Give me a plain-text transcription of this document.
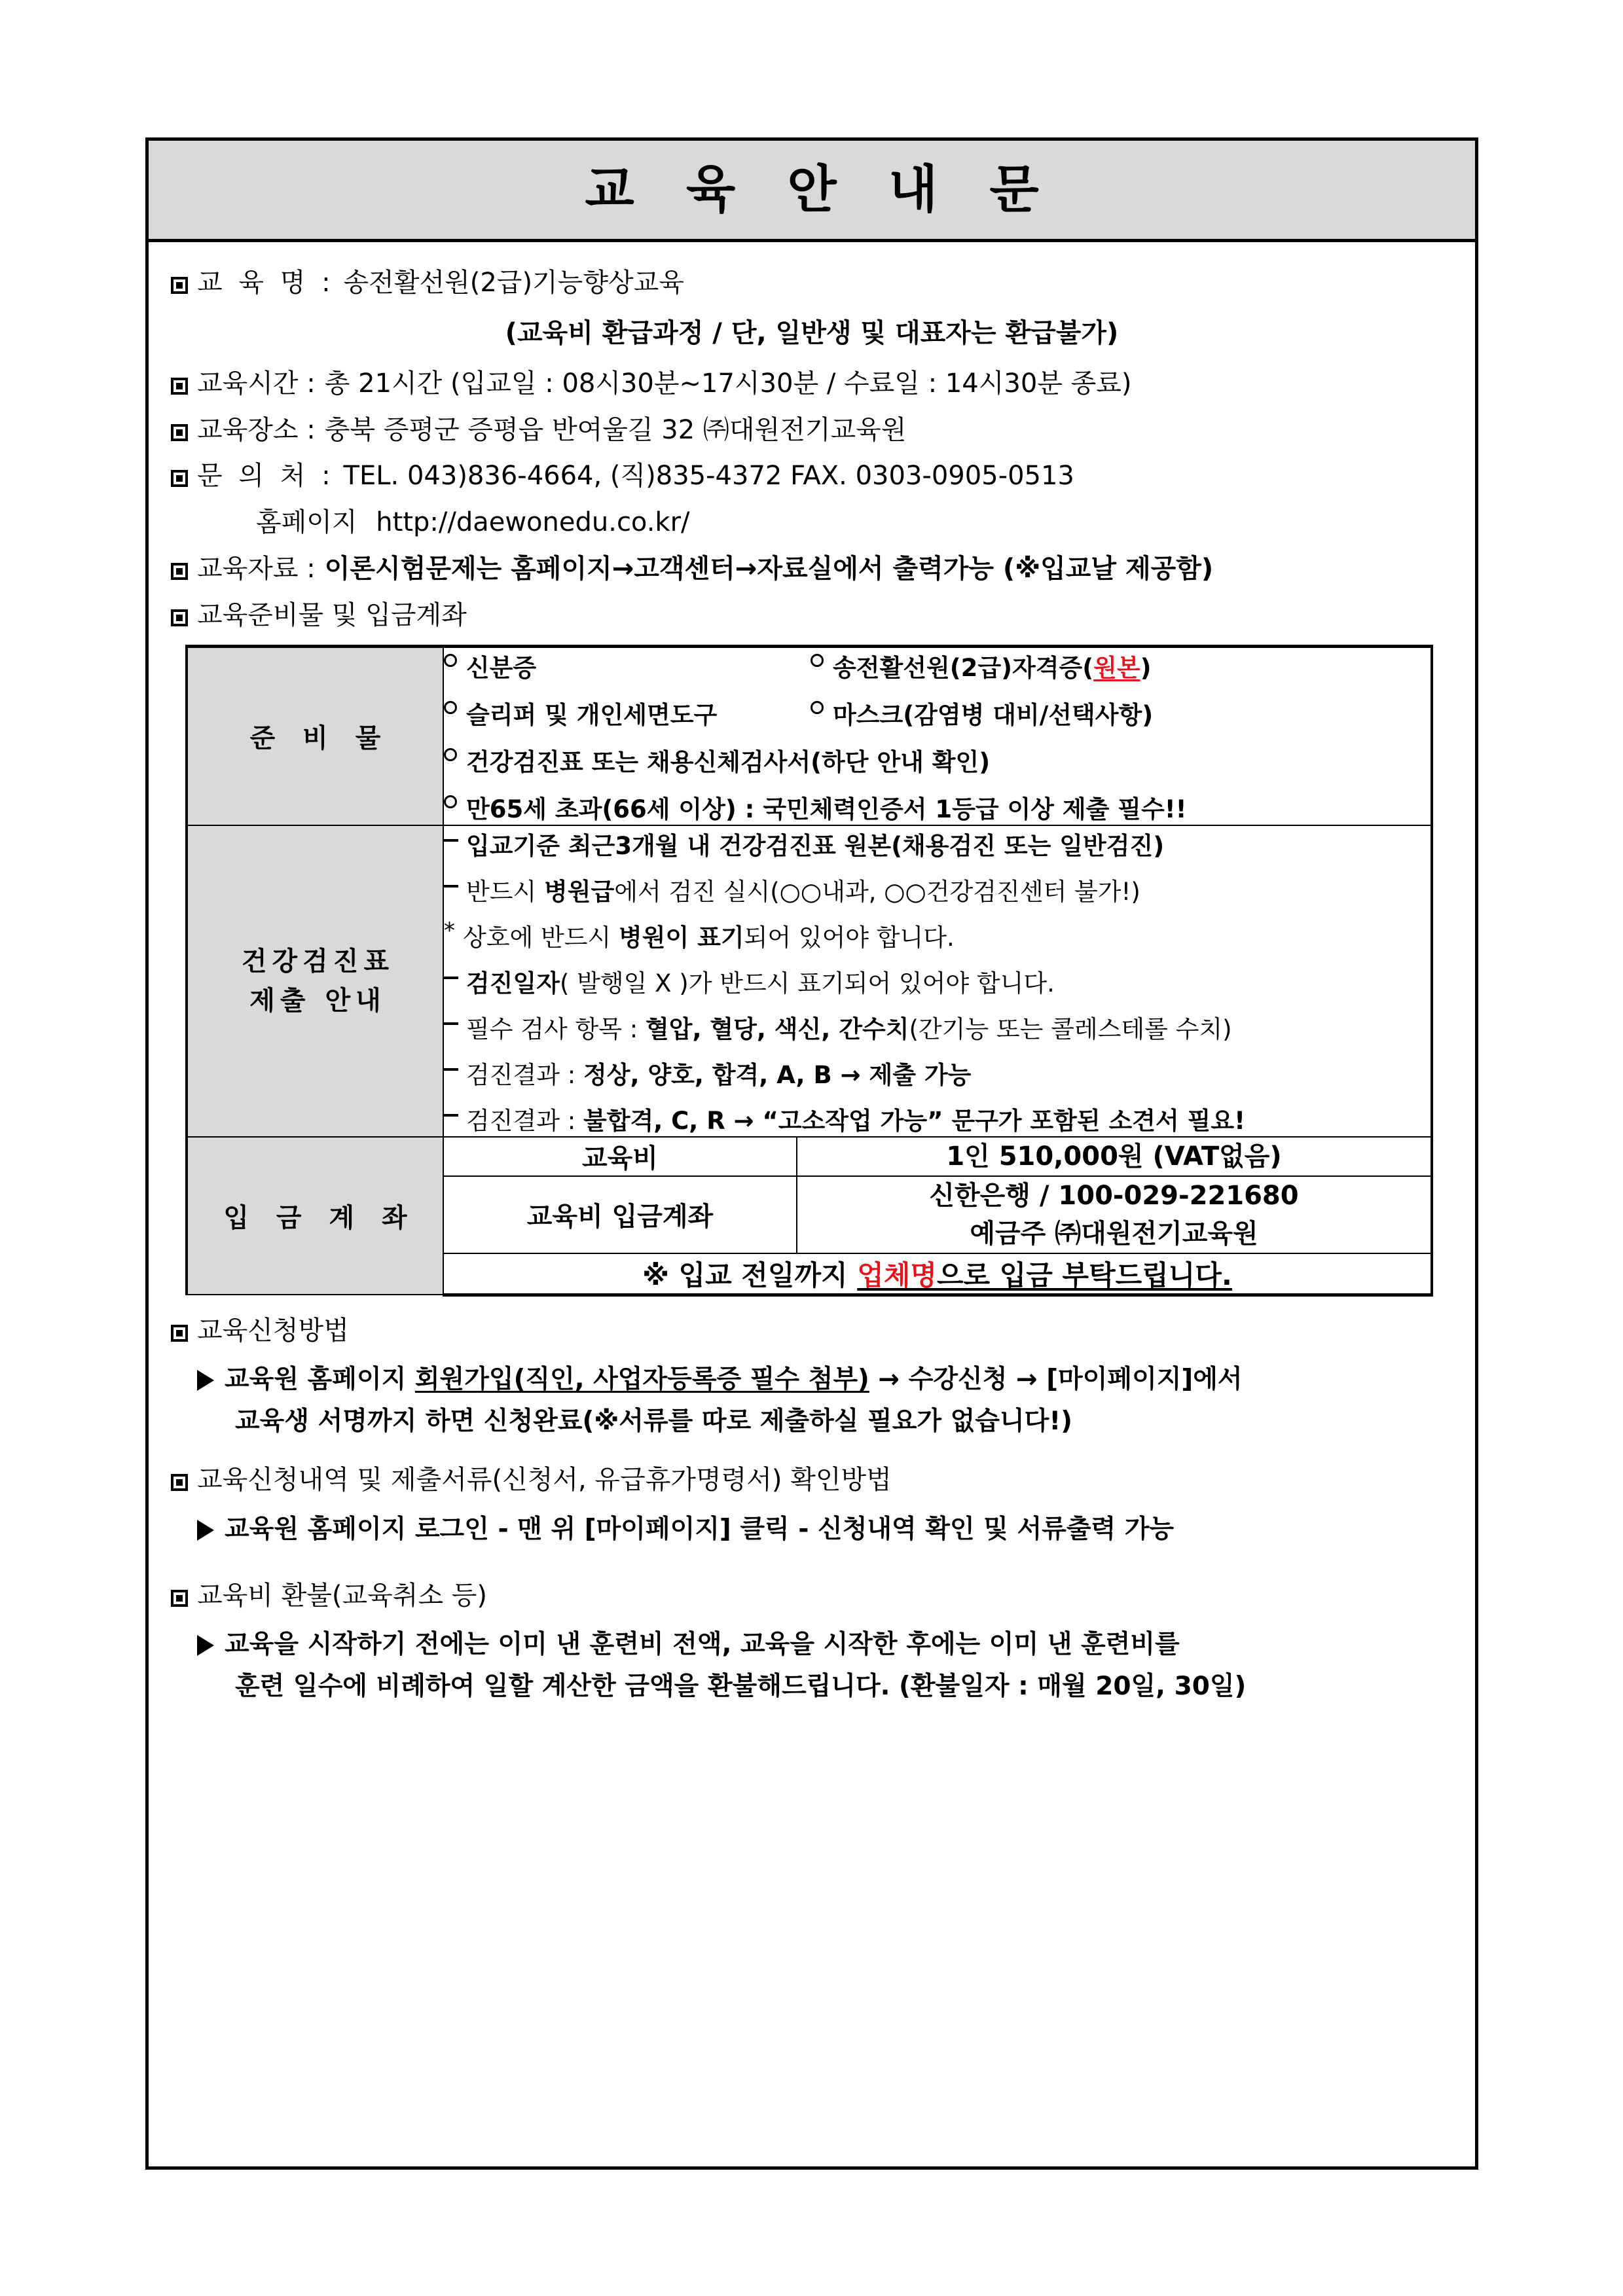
교 육 안 내 문
교 육 명 : 송전활선원(2급)기능향상교육
(교육비 환급과정 / 단, 일반생 및 대표자는 환급불가)
교육시간 : 총 21시간 (입교일 : 08시30분~17시30분 / 수료일 : 14시30분 종료)
교육장소 : 충북 증평군 증평읍 반여울길 32 ㈜대원전기교육원
문 의 처 : TEL. 043)836-4664, (직)835-4372 FAX. 0303-0905-0513
홈페이지 http://daewonedu.co.kr/
교육자료 : 이론시험문제는 홈페이지→고객센터→자료실에서 출력가능 (※입교날 제공함)
교육준비물 및 입금계좌
준 비 물	
신분증	송전활선원(2급)자격증(원본)
슬리퍼 및 개인세면도구	마스크(감염병 대비/선택사항)
건강검진표 또는 채용신체검사서(하단 안내 확인)
만65세 초과(66세 이상) : 국민체력인증서 1등급 이상 제출 필수!!

건강검진표
제출 안내

입교기준 최근3개월 내 건강검진표 원본(채용검진 또는 일반검진)
반드시 병원급에서 검진 실시(○○내과, ○○건강검진센터 불가!)
* 상호에 반드시 병원이 표기되어 있어야 합니다.
검진일자( 발행일 X )가 반드시 표기되어 있어야 합니다.
필수 검사 항목 : 혈압, 혈당, 색신, 간수치(간기능 또는 콜레스테롤 수치)
검진결과 : 정상, 양호, 합격, A, B → 제출 가능
검진결과 : 불합격, C, R → “고소작업 가능” 문구가 포함된 소견서 필요!

입 금 계 좌	교육비	1인 510,000원 (VAT없음)
	교육비 입금계좌	신한은행 / 100-029-221680
예금주 ㈜대원전기교육원

	※ 입교 전일까지 업체명으로 입금 부탁드립니다.	
교육신청방법
교육원 홈페이지 회원가입(직인, 사업자등록증 필수 첨부) → 수강신청 → [마이페이지]에서
교육생 서명까지 하면 신청완료(※서류를 따로 제출하실 필요가 없습니다!)
교육신청내역 및 제출서류(신청서, 유급휴가명령서) 확인방법
교육원 홈페이지 로그인 - 맨 위 [마이페이지] 클릭 - 신청내역 확인 및 서류출력 가능
교육비 환불(교육취소 등)
교육을 시작하기 전에는 이미 낸 훈련비 전액, 교육을 시작한 후에는 이미 낸 훈련비를
훈련 일수에 비례하여 일할 계산한 금액을 환불해드립니다. (환불일자 : 매월 20일, 30일)
